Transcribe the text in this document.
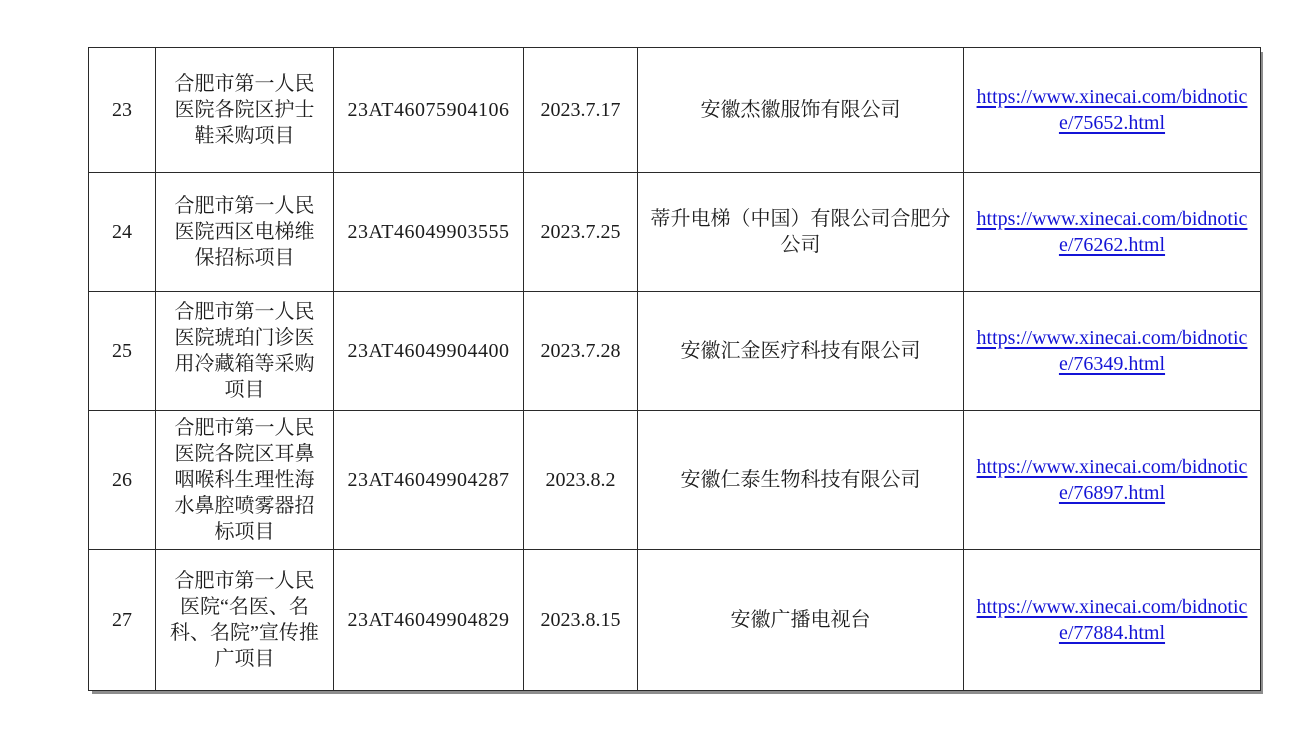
23	合肥市第一人民医院各院区护士鞋采购项目	23AT46075904106	2023.7.17	安徽杰徽服饰有限公司	https://www.xinecai.com/bidnotice/75652.html
24	合肥市第一人民医院西区电梯维保招标项目	23AT46049903555	2023.7.25	蒂升电梯（中国）有限公司合肥分公司	https://www.xinecai.com/bidnotice/76262.html
25	合肥市第一人民医院琥珀门诊医用冷藏箱等采购项目	23AT46049904400	2023.7.28	安徽汇金医疗科技有限公司	https://www.xinecai.com/bidnotice/76349.html
26	合肥市第一人民医院各院区耳鼻咽喉科生理性海水鼻腔喷雾器招标项目	23AT46049904287	2023.8.2	安徽仁泰生物科技有限公司	https://www.xinecai.com/bidnotice/76897.html
27	合肥市第一人民医院“名医、名科、名院”宣传推广项目	23AT46049904829	2023.8.15	安徽广播电视台	https://www.xinecai.com/bidnotice/77884.html
